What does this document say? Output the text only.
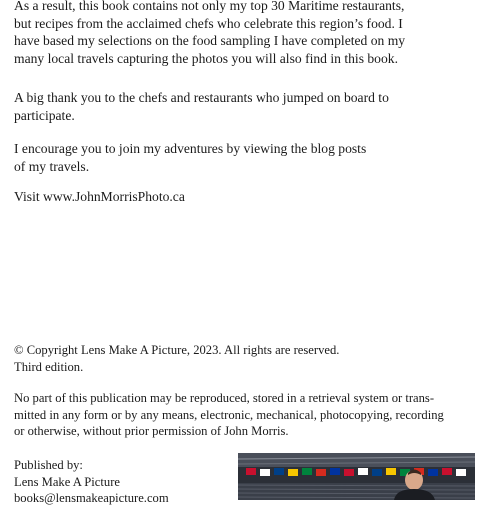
As a result, this book contains not only my top 30 Maritime restaurants,
but recipes from the acclaimed chefs who celebrate this region’s food. I
have based my selections on the food sampling I have completed on my
many local travels capturing the photos you will also find in this book.

A big thank you to the chefs and restaurants who jumped on board to
participate.

I encourage you to join my adventures by viewing the blog posts
of my travels.

Visit www.JohnMorrisPhoto.ca

© Copyright Lens Make A Picture, 2023. All rights are reserved.
Third edition.

No part of this publication may be reproduced, stored in a retrieval system or trans-
mitted in any form or by any means, electronic, mechanical, photocopying, recording
or otherwise, without prior permission of John Morris.

Published by:
Lens Make A Picture
books@lensmakeapicture.com
